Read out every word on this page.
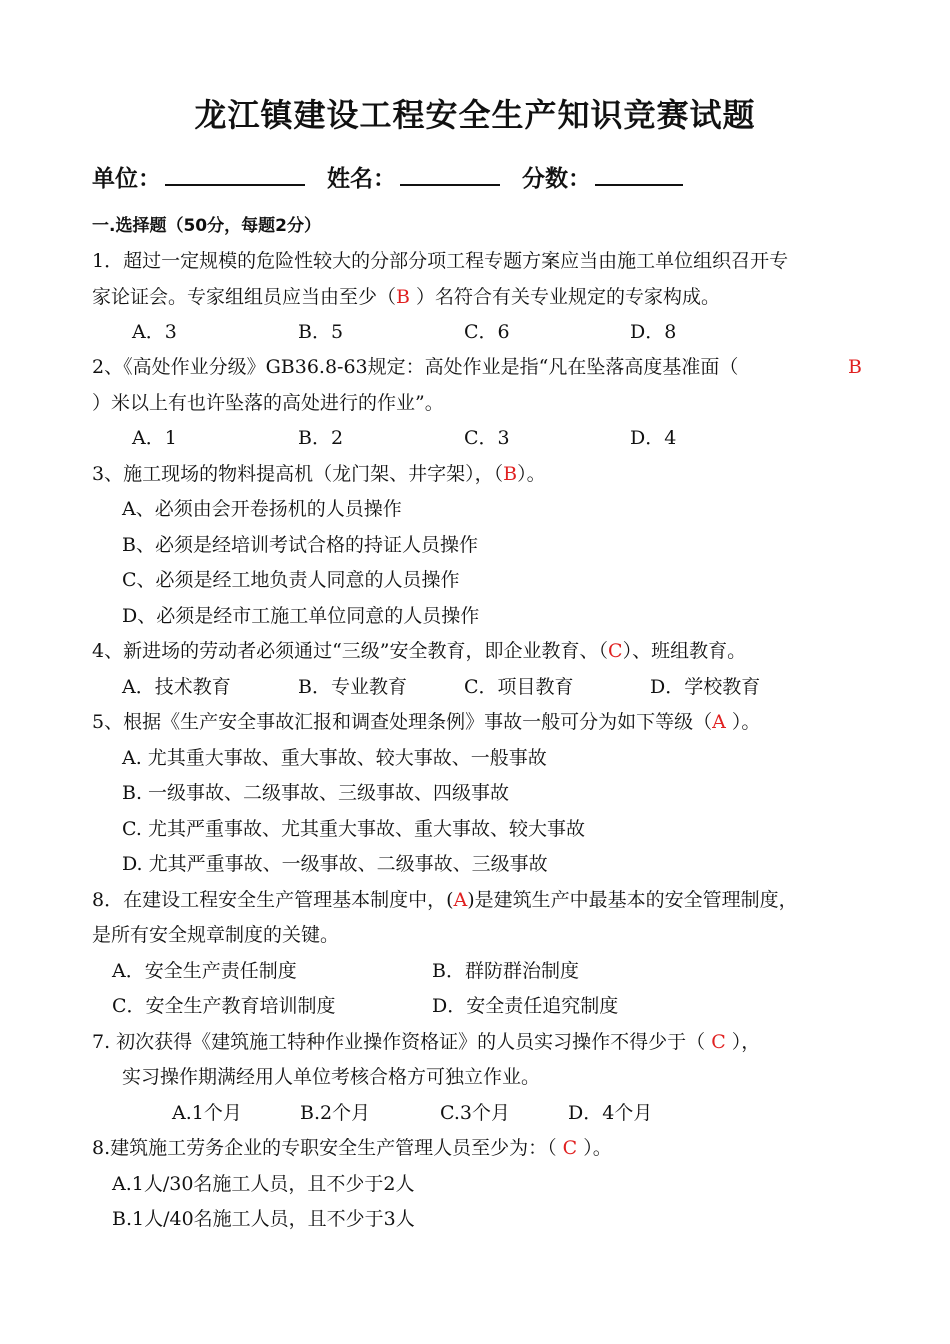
龙江镇建设工程安全生产知识竞赛试题
单位：	姓名：	分数：
一.选择题（50分，每题2分）
1．超过一定规模的危险性较大的分部分项工程专题方案应当由施工单位组织召开专
家论证会。专家组组员应当由至少（B ）名符合有关专业规定的专家构成。
A．3	B．5	C．6	D．8
2、《高处作业分级》GB36.8-63规定：高处作业是指“凡在坠落高度基准面（	B
）米以上有也许坠落的高处进行的作业”。
A．1	B．2	C．3	D．4
3、施工现场的物料提高机（龙门架、井字架），（B）。
A、必须由会开卷扬机的人员操作
B、必须是经培训考试合格的持证人员操作
C、必须是经工地负责人同意的人员操作
D、必须是经市工施工单位同意的人员操作
4、新进场的劳动者必须通过“三级”安全教育，即企业教育、（C）、班组教育。
A．技术教育	B．专业教育	C．项目教育	D．学校教育
5、根据《生产安全事故汇报和调查处理条例》事故一般可分为如下等级（A ）。
A. 尤其重大事故、重大事故、较大事故、一般事故
B. 一级事故、二级事故、三级事故、四级事故
C. 尤其严重事故、尤其重大事故、重大事故、较大事故
D. 尤其严重事故、一级事故、二级事故、三级事故
8．在建设工程安全生产管理基本制度中，(A)是建筑生产中最基本的安全管理制度，
是所有安全规章制度的关键。
A．安全生产责任制度	B．群防群治制度
C．安全生产教育培训制度	D．安全责任追究制度
7. 初次获得《建筑施工特种作业操作资格证》的人员实习操作不得少于（ C ），
实习操作期满经用人单位考核合格方可独立作业。
A.1个月	B.2个月	C.3个月	D．4个月
8.建筑施工劳务企业的专职安全生产管理人员至少为：（ C ）。
A.1人/30名施工人员，且不少于2人
B.1人/40名施工人员，且不少于3人
